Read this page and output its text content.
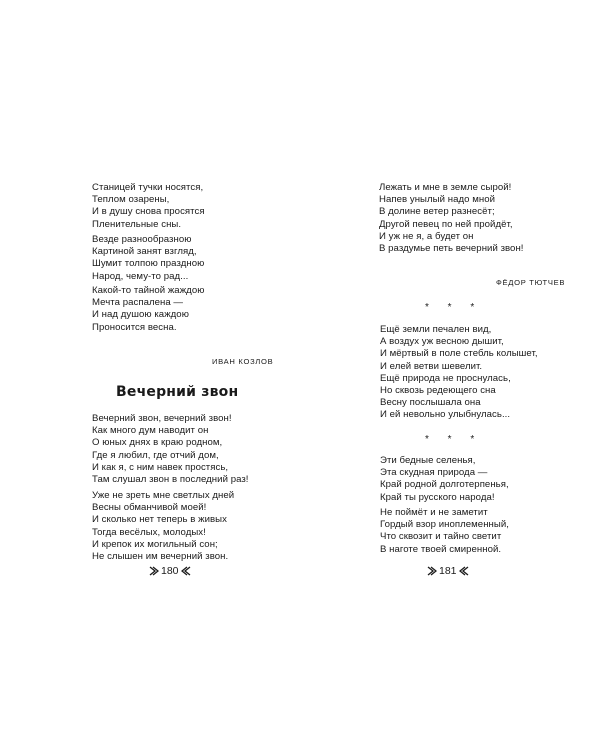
Станицей тучки носятся,
Теплом озарены,
И в душу снова просятся
Пленительные сны.
Везде разнообразною
Картиной занят взгляд,
Шумит толпою праздною
Народ, чему-то рад...
Какой-то тайной жаждою
Мечта распалена —
И над душою каждою
Проносится весна.
ИВАН КОЗЛОВ
Вечерний звон
Вечерний звон, вечерний звон!
Как много дум наводит он
О юных днях в краю родном,
Где я любил, где отчий дом,
И как я, с ним навек простясь,
Там слушал звон в последний раз!
Уже не зреть мне светлых дней
Весны обманчивой моей!
И сколько нет теперь в живых
Тогда весёлых, молодых!
И крепок их могильный сон;
Не слышен им вечерний звон.
180
Лежать и мне в земле сырой!
Напев унылый надо мной
В долине ветер разнесёт;
Другой певец по ней пройдёт,
И уж не я, а будет он
В раздумье петь вечерний звон!
ФЁДОР ТЮТЧЕВ
* * *
Ещё земли печален вид,
А воздух уж весною дышит,
И мёртвый в поле стебль колышет,
И елей ветви шевелит.
Ещё природа не проснулась,
Но сквозь редеющего сна
Весну послышала она
И ей невольно улыбнулась...
* * *
Эти бедные селенья,
Эта скудная природа —
Край родной долготерпенья,
Край ты русского народа!
Не поймёт и не заметит
Гордый взор иноплеменный,
Что сквозит и тайно светит
В наготе твоей смиренной.
181
